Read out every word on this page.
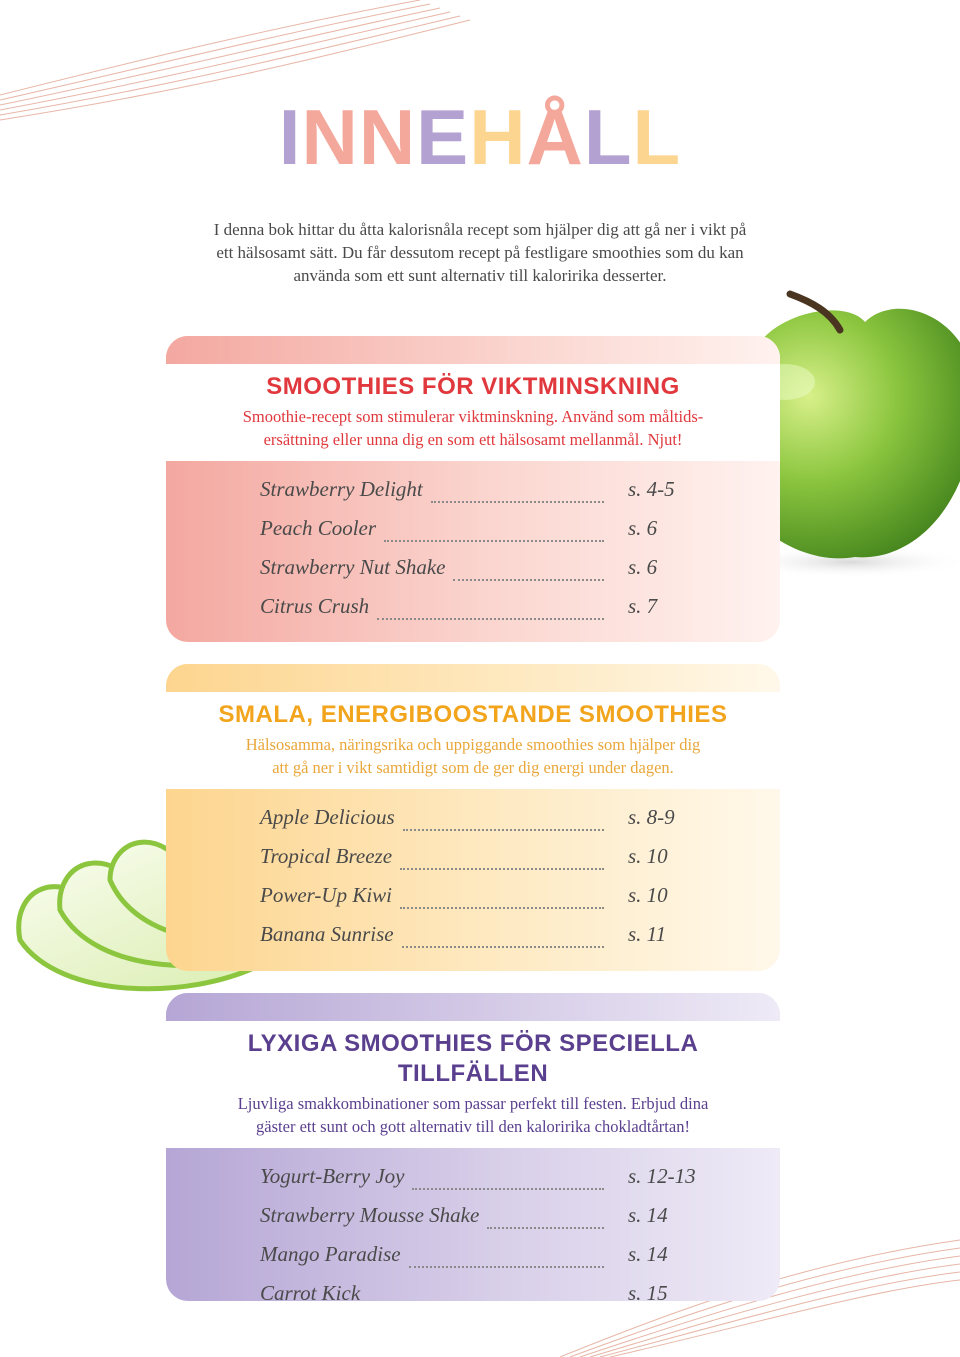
INNEHÅLL
I denna bok hittar du åtta kalorisnåla recept som hjälper dig att gå ner i vikt på ett hälsosamt sätt. Du får dessutom recept på festligare smoothies som du kan använda som ett sunt alternativ till kaloririka desserter.
SMOOTHIES FÖR VIKTMINSKNING

Smoothie-recept som stimulerar viktminskning. Använd som måltids-
ersättning eller unna dig en som ett hälsosamt mellanmål. Njut!

Strawberry Delight	s. 4-5
Peach Cooler	s. 6
Strawberry Nut Shake	s. 6
Citrus Crush	s. 7
SMALA, ENERGIBOOSTANDE SMOOTHIES

Hälsosamma, näringsrika och uppiggande smoothies som hjälper dig
att gå ner i vikt samtidigt som de ger dig energi under dagen.

Apple Delicious	s. 8-9
Tropical Breeze	s. 10
Power-Up Kiwi	s. 10
Banana Sunrise	s. 11
LYXIGA SMOOTHIES FÖR SPECIELLA TILLFÄLLEN

Ljuvliga smakkombinationer som passar perfekt till festen. Erbjud dina
gäster ett sunt och gott alternativ till den kaloririka chokladtårtan!

Yogurt-Berry Joy	s. 12-13
Strawberry Mousse Shake	s. 14
Mango Paradise	s. 14
Carrot Kick	s. 15
